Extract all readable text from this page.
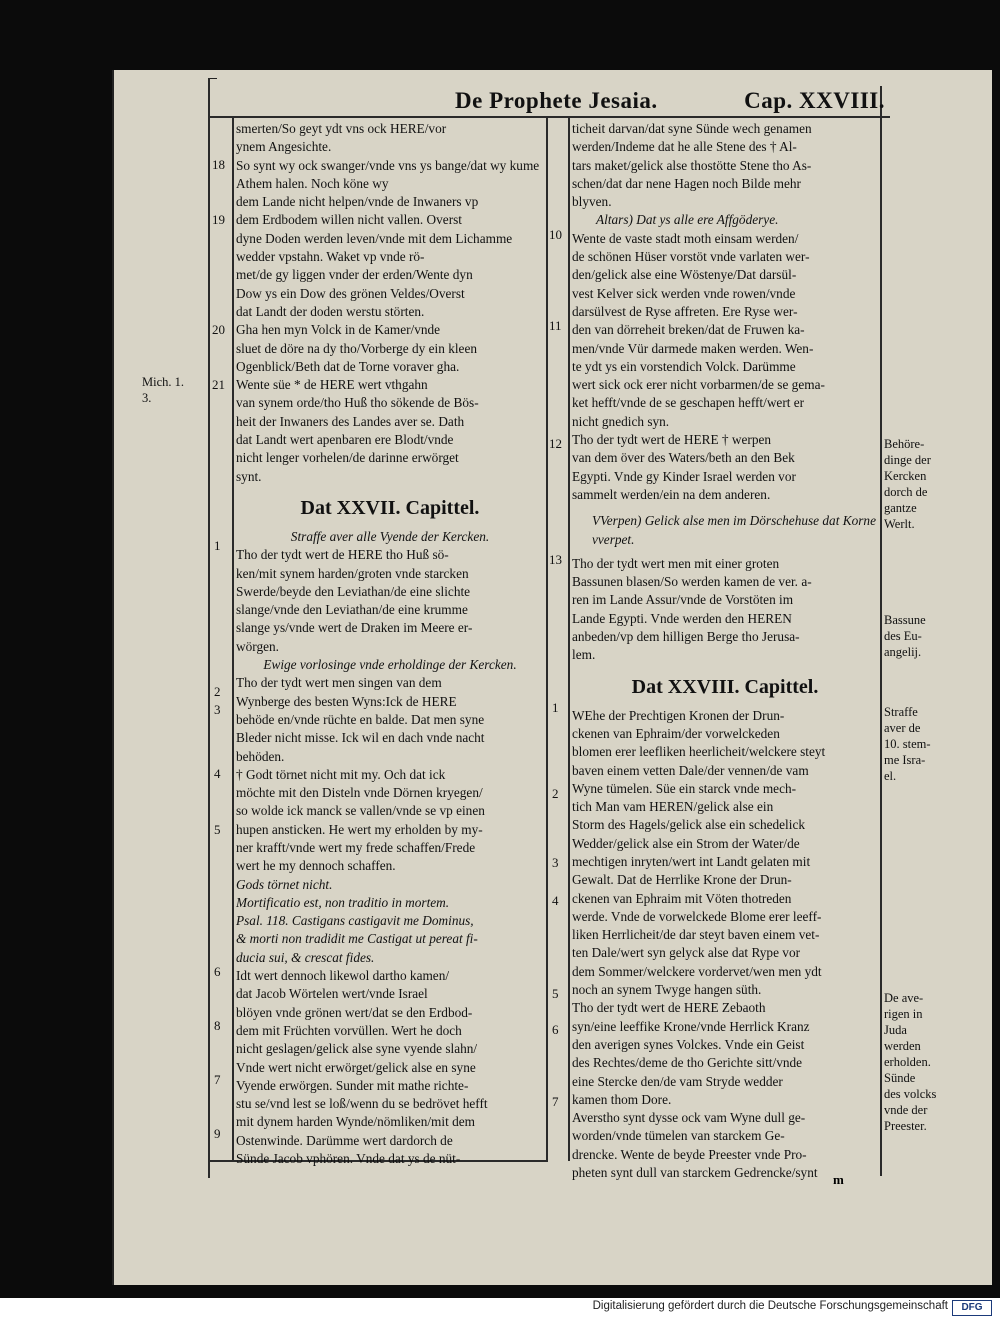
De Prophete Jesaia.	Cap. XXVIII.
smerten/So geyt ydt vns ock HERE/vor
ynem Angesichte.
So synt wy ock swanger/vnde vns ys bange/dat wy kume Athem halen. Noch köne wy
dem Lande nicht helpen/vnde de Inwaners vp
dem Erdbodem willen nicht vallen. Overst
dyne Doden werden leven/vnde mit dem Lichamme wedder vpstahn. Waket vp vnde rö-
met/de gy liggen vnder der erden/Wente dyn
Dow ys ein Dow des grönen Veldes/Overst
dat Landt der doden werstu störten.
Gha hen myn Volck in de Kamer/vnde
sluet de döre na dy tho/Vorberge dy ein kleen
Ogenblick/Beth dat de Torne voraver gha.
Wente süe * de HERE wert vthgahn
van synem orde/tho Huß tho sökende de Bös-
heit der Inwaners des Landes aver se. Dath
dat Landt wert apenbaren ere Blodt/vnde
nicht lenger vorhelen/de darinne erwörget
synt.
Dat XXVII. Capittel.
Straffe aver alle Vyende der Kercken.
Tho der tydt wert de HERE tho Huß sö-
ken/mit synem harden/groten vnde starcken
Swerde/beyde den Leviathan/de eine slichte
slange/vnde den Leviathan/de eine krumme
slange ys/vnde wert de Draken im Meere er-
wörgen.
Ewige vorlosinge vnde erholdinge der Kercken.
Tho der tydt wert men singen van dem
Wynberge des besten Wyns:Ick de HERE
behöde en/vnde rüchte en balde. Dat men syne
Bleder nicht misse. Ick wil en dach vnde nacht
behöden.
† Godt törnet nicht mit my. Och dat ick
möchte mit den Disteln vnde Dörnen kryegen/
so wolde ick manck se vallen/vnde se vp einen
hupen ansticken. He wert my erholden by my-
ner krafft/vnde wert my frede schaffen/Frede
wert he my dennoch schaffen.
Gods törnet nicht.
Mortificatio est, non traditio in mortem.
Psal. 118. Castigans castigavit me Dominus,
& morti non tradidit me Castigat ut pereat fi-
ducia sui, & crescat fides.
Idt wert dennoch likewol dartho kamen/
dat Jacob Wörtelen wert/vnde Israel
blöyen vnde grönen wert/dat se den Erdbod-
dem mit Früchten vorvüllen. Wert he doch
nicht geslagen/gelick alse syne vyende slahn/
Vnde wert nicht erwörget/gelick alse en syne
Vyende erwörgen. Sunder mit mathe richte-
stu se/vnd lest se loß/wenn du se bedrövet hefft
mit dynem harden Wynde/nömliken/mit dem
Ostenwinde. Darümme wert dardorch de
Sünde Jacob vphören. Vnde dat ys de nüt-
ticheit darvan/dat syne Sünde wech genamen
werden/Indeme dat he alle Stene des † Al-
tars maket/gelick alse thostötte Stene tho As-
schen/dat dar nene Hagen noch Bilde mehr
blyven.
Altars) Dat ys alle ere Affgöderye.
Wente de vaste stadt moth einsam werden/
de schönen Hüser vorstöt vnde varlaten wer-
den/gelick alse eine Wöstenye/Dat darsül-
vest Kelver sick werden vnde rowen/vnde
darsülvest de Ryse affreten. Ere Ryse wer-
den van dörreheit breken/dat de Fruwen ka-
men/vnde Vür darmede maken werden. Wen-
te ydt ys ein vorstendich Volck. Darümme
wert sick ock erer nicht vorbarmen/de se gema-
ket hefft/vnde de se geschapen hefft/wert er
nicht gnedich syn.
Tho der tydt wert de HERE † werpen
van dem över des Waters/beth an den Bek
Egypti. Vnde gy Kinder Israel werden vor
sammelt werden/ein na dem anderen.
VVerpen) Gelick alse men im Dörschehuse dat Korne vverpet.
Tho der tydt wert men mit einer groten
Bassunen blasen/So werden kamen de ver. a-
ren im Lande Assur/vnde de Vorstöten im
Lande Egypti. Vnde werden den HEREN
anbeden/vp dem hilligen Berge tho Jerusa-
lem.
Dat XXVIII. Capittel.
WEhe der Prechtigen Kronen der Drun-
ckenen van Ephraim/der vorwelckeden
blomen erer leefliken heerlicheit/welckere steyt
baven einem vetten Dale/der vennen/de vam
Wyne tümelen. Süe ein starck vnde mech-
tich Man vam HEREN/gelick alse ein
Storm des Hagels/gelick alse ein schedelick
Wedder/gelick alse ein Strom der Water/de
mechtigen inryten/wert int Landt gelaten mit
Gewalt. Dat de Herrlike Krone der Drun-
ckenen van Ephraim mit Vöten thotreden
werde. Vnde de vorwelckede Blome erer leeff-
liken Herrlicheit/de dar steyt baven einem vet-
ten Dale/wert syn gelyck alse dat Rype vor
dem Sommer/welckere vordervet/wen men ydt
noch an synem Twyge hangen süth.
Tho der tydt wert de HERE Zebaoth
syn/eine leeffike Krone/vnde Herrlick Kranz
den averigen synes Volckes. Vnde ein Geist
des Rechtes/deme de tho Gerichte sitt/vnde
eine Stercke den/de vam Stryde wedder
kamen thom Dore.
Averstho synt dysse ock vam Wyne dull ge-
worden/vnde tümelen van starckem Ge-
drencke. Wente de beyde Preester vnde Pro-
pheten synt dull van starckem Gedrencke/synt
18
19
20
21
1
2
3
4
5
6
8
7
9
10
11
12
13
1
2
3
4
5
6
7
Mich. 1.
3.
Behöre-
dinge der
Kercken
dorch de
gantze
Werlt.
Bassune
des Eu-
angelij.
Straffe
aver de
10. stem-
me Isra-
el.
De ave-
rigen in
Juda
werden
erholden.
Sünde
des volcks
vnde der
Preester.
m
Digitalisierung gefördert durch die Deutsche Forschungsgemeinschaft	DFG
